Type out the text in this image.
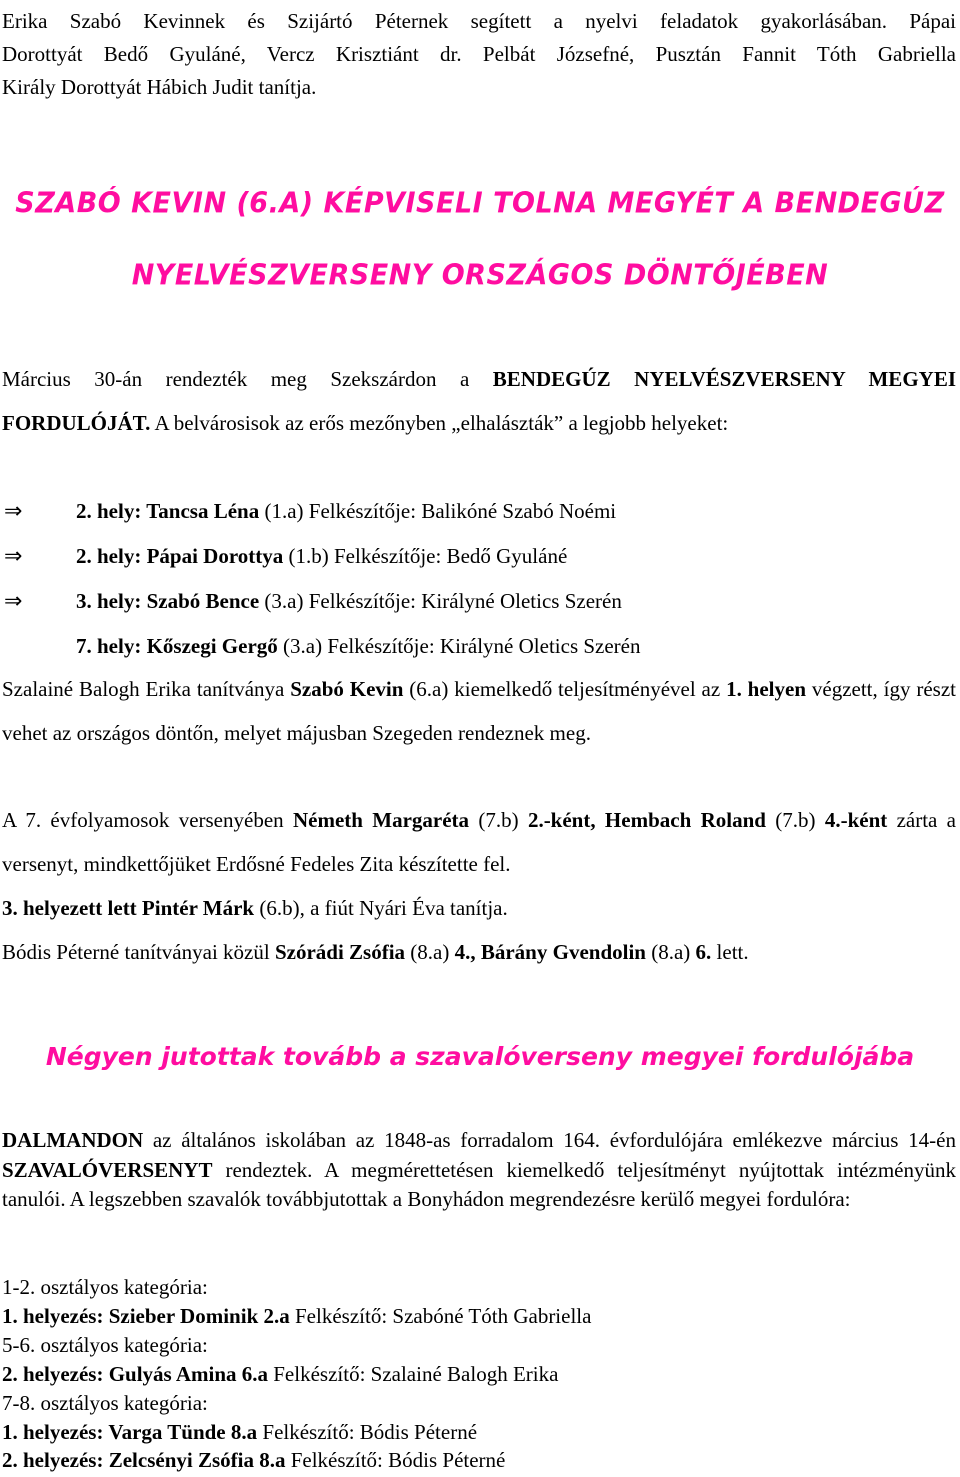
Erika Szabó Kevinnek és Szijártó Péternek segített a nyelvi feladatok gyakorlásában. Pápai

Dorottyát Bedő Gyuláné, Vercz Krisztiánt dr. Pelbát Józsefné, Pusztán Fannit Tóth Gabriella

Király Dorottyát Hábich Judit tanítja.

SZABÓ KEVIN (6.A) KÉPVISELI TOLNA MEGYÉT A BENDEGÚZ
NYELVÉSZVERSENY ORSZÁGOS DÖNTŐJÉBEN

Március 30-án rendezték meg Szekszárdon a BENDEGÚZ NYELVÉSZVERSENY MEGYEI FORDULÓJÁT. A belvárosisok az erős mezőnyben „elhalászták” a legjobb helyeket:

⇒	2. hely: Tancsa Léna (1.a) Felkészítője: Balikóné Szabó Noémi
⇒	2. hely: Pápai Dorottya (1.b) Felkészítője: Bedő Gyuláné
⇒	3. hely: Szabó Bence (3.a) Felkészítője: Királyné Oletics Szerén
7. hely: Kőszegi Gergő (3.a) Felkészítője: Királyné Oletics Szerén

Szalainé Balogh Erika tanítványa Szabó Kevin (6.a) kiemelkedő teljesítményével az 1. helyen végzett, így részt vehet az országos döntőn, melyet májusban Szegeden rendeznek meg.

A 7. évfolyamosok versenyében Németh Margaréta (7.b) 2.-ként, Hembach Roland (7.b) 4.-ként zárta a versenyt, mindkettőjüket Erdősné Fedeles Zita készítette fel.

3. helyezett lett Pintér Márk (6.b), a fiút Nyári Éva tanítja.

Bódis Péterné tanítványai közül Szórádi Zsófia (8.a) 4., Bárány Gvendolin (8.a) 6. lett.

Négyen jutottak tovább a szavalóverseny megyei fordulójába

DALMANDON az általános iskolában az 1848-as forradalom 164. évfordulójára emlékezve március 14-én SZAVALÓVERSENYT rendeztek. A megmérettetésen kiemelkedő teljesítményt nyújtottak intézményünk tanulói. A legszebben szavalók továbbjutottak a Bonyhádon megrendezésre kerülő megyei fordulóra:

1-2. osztályos kategória:

1. helyezés: Szieber Dominik 2.a Felkészítő: Szabóné Tóth Gabriella

5-6. osztályos kategória:

2. helyezés: Gulyás Amina 6.a Felkészítő: Szalainé Balogh Erika

7-8. osztályos kategória:

1. helyezés: Varga Tünde 8.a Felkészítő: Bódis Péterné

2. helyezés: Zelcsényi Zsófia 8.a Felkészítő: Bódis Péterné
